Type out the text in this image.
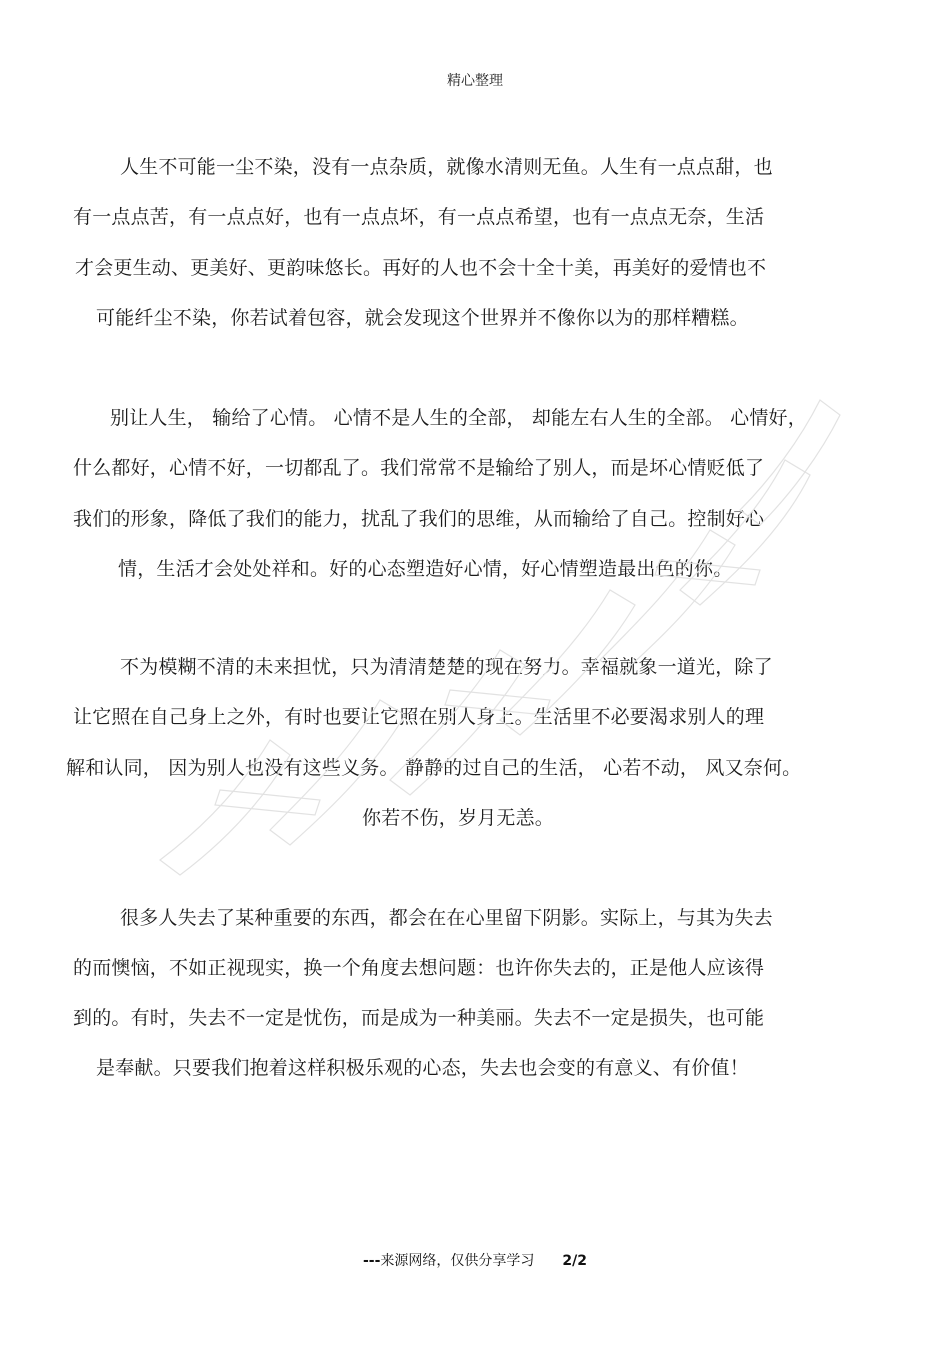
精心整理
人生不可能一尘不染，没有一点杂质，就像水清则无鱼。人生有一点点甜，也
有一点点苦，有一点点好，也有一点点坏，有一点点希望，也有一点点无奈，生活
才会更生动、更美好、更韵味悠长。再好的人也不会十全十美，再美好的爱情也不
可能纤尘不染，你若试着包容，就会发现这个世界并不像你以为的那样糟糕。
别让人生， 输给了心情。 心情不是人生的全部， 却能左右人生的全部。 心情好，
什么都好，心情不好，一切都乱了。我们常常不是输给了别人，而是坏心情贬低了
我们的形象，降低了我们的能力，扰乱了我们的思维，从而输给了自己。控制好心
情，生活才会处处祥和。好的心态塑造好心情，好心情塑造最出色的你。
不为模糊不清的未来担忧，只为清清楚楚的现在努力。幸福就象一道光，除了
让它照在自己身上之外，有时也要让它照在别人身上。生活里不必要渴求别人的理
解和认同， 因为别人也没有这些义务。 静静的过自己的生活， 心若不动， 风又奈何。
你若不伤，岁月无恙。
很多人失去了某种重要的东西，都会在在心里留下阴影。实际上，与其为失去
的而懊恼，不如正视现实，换一个角度去想问题：也许你失去的，正是他人应该得
到的。有时，失去不一定是忧伤，而是成为一种美丽。失去不一定是损失，也可能
是奉献。只要我们抱着这样积极乐观的心态，失去也会变的有意义、有价值！
---来源网络，仅供分享学习 2/2
